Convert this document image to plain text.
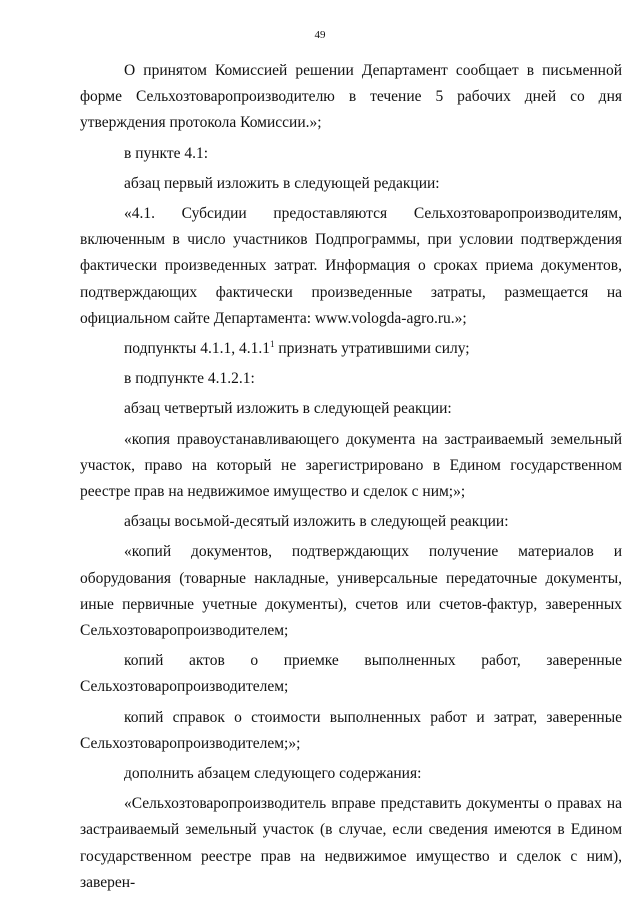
49

О принятом Комиссией решении Департамент сообщает в письменной форме Сельхозтоваропроизводителю в течение 5 рабочих дней со дня утверждения протокола Комиссии.»;

в пункте 4.1:

абзац первый изложить в следующей редакции:

«4.1. Субсидии предоставляются Сельхозтоваропроизводителям, включенным в число участников Подпрограммы, при условии подтверждения фактически произведенных затрат. Информация о сроках приема документов, подтверждающих фактически произведенные затраты, размещается на официальном сайте Департамента: www.vologda-agro.ru.»;

подпункты 4.1.1, 4.1.1$^1$ признать утратившими силу;

в подпункте 4.1.2.1:

абзац четвертый изложить в следующей реакции:

«копия правоустанавливающего документа на застраиваемый земельный участок, право на который не зарегистрировано в Едином государственном реестре прав на недвижимое имущество и сделок с ним;»;

абзацы восьмой-десятый изложить в следующей реакции:

«копий документов, подтверждающих получение материалов и оборудования (товарные накладные, универсальные передаточные документы, иные первичные учетные документы), счетов или счетов-фактур, заверенных Сельхозтоваропроизводителем;

копий актов о приемке выполненных работ, заверенные Сельхозтоваропроизводителем;

копий справок о стоимости выполненных работ и затрат, заверенные Сельхозтоваропроизводителем;»;

дополнить абзацем следующего содержания:

«Сельхозтоваропроизводитель вправе представить документы о правах на застраиваемый земельный участок (в случае, если сведения имеются в Едином государственном реестре прав на недвижимое имущество и сделок с ним), заверен-
